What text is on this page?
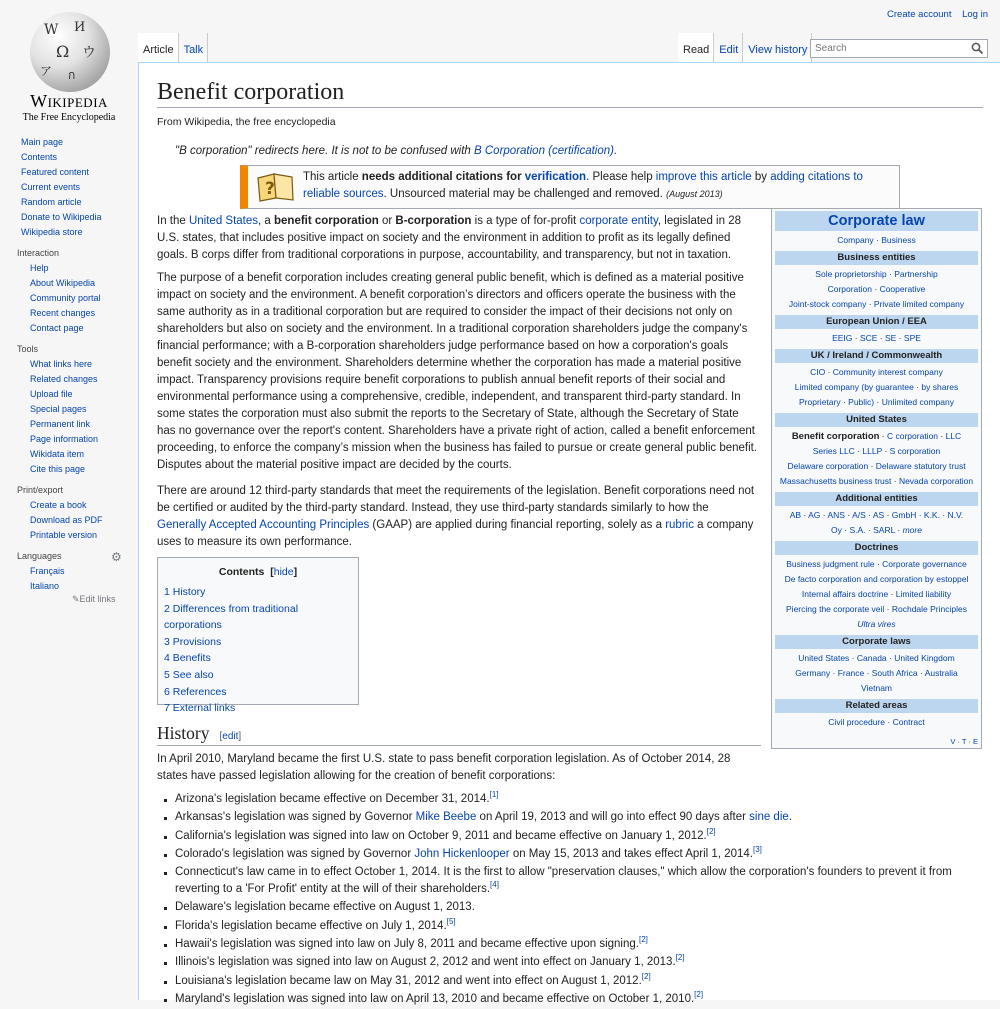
W И
Ω ウ
ア ก
Wikipedia
The Free Encyclopedia
Create account Log in
Article Talk	Read Edit View history Search
Main page
Contents
Featured content
Current events
Random article
Donate to Wikipedia
Wikipedia store
Interaction
Help
About Wikipedia
Community portal
Recent changes
Contact page
Tools
What links here
Related changes
Upload file
Special pages
Permanent link
Page information
Wikidata item
Cite this page
Print/export
Create a book
Download as PDF
Printable version
Languages	⚙
Français
Italiano
✎Edit links
Benefit corporation
From Wikipedia, the free encyclopedia
"B corporation" redirects here. It is not to be confused with B Corporation (certification).
?
This article needs additional citations for verification. Please help improve this article by adding citations to reliable sources. Unsourced material may be challenged and removed. (August 2013)

In the United States, a benefit corporation or B-corporation is a type of for-profit corporate entity, legislated in 28 U.S. states, that includes positive impact on society and the environment in addition to profit as its legally defined goals. B corps differ from traditional corporations in purpose, accountability, and transparency, but not in taxation.

The purpose of a benefit corporation includes creating general public benefit, which is defined as a material positive impact on society and the environment. A benefit corporation’s directors and officers operate the business with the same authority as in a traditional corporation but are required to consider the impact of their decisions not only on shareholders but also on society and the environment. In a traditional corporation shareholders judge the company's financial performance; with a B-corporation shareholders judge performance based on how a corporation's goals benefit society and the environment. Shareholders determine whether the corporation has made a material positive impact. Transparency provisions require benefit corporations to publish annual benefit reports of their social and environmental performance using a comprehensive, credible, independent, and transparent third-party standard. In some states the corporation must also submit the reports to the Secretary of State, although the Secretary of State has no governance over the report's content. Shareholders have a private right of action, called a benefit enforcement proceeding, to enforce the company’s mission when the business has failed to pursue or create general public benefit. Disputes about the material positive impact are decided by the courts.

There are around 12 third-party standards that meet the requirements of the legislation. Benefit corporations need not be certified or audited by the third-party standard. Instead, they use third-party standards similarly to how the Generally Accepted Accounting Principles (GAAP) are applied during financial reporting, solely as a rubric a company uses to measure its own performance.

Contents  [hide]
1 History
2 Differences from traditional corporations
3 Provisions
4 Benefits
5 See also
6 References
7 External links
History [edit]

In April 2010, Maryland became the first U.S. state to pass benefit corporation legislation. As of October 2014, 28 states have passed legislation allowing for the creation of benefit corporations:

Arizona's legislation became effective on December 31, 2014.[1]
Arkansas's legislation was signed by Governor Mike Beebe on April 19, 2013 and will go into effect 90 days after sine die.
California's legislation was signed into law on October 9, 2011 and became effective on January 1, 2012.[2]
Colorado's legislation was signed by Governor John Hickenlooper on May 15, 2013 and takes effect April 1, 2014.[3]
Connecticut's law came in to effect October 1, 2014. It is the first to allow "preservation clauses," which allow the corporation's founders to prevent it from reverting to a 'For Profit' entity at the will of their shareholders.[4]
Delaware's legislation became effective on August 1, 2013.
Florida's legislation became effective on July 1, 2014.[5]
Hawaii's legislation was signed into law on July 8, 2011 and became effective upon signing.[2]
Illinois's legislation was signed into law on August 2, 2012 and went into effect on January 1, 2013.[2]
Louisiana's legislation became law on May 31, 2012 and went into effect on August 1, 2012.[2]
Maryland's legislation was signed into law on April 13, 2010 and became effective on October 1, 2010.[2]
Corporate law
Company · Business
Business entities
Sole proprietorship · Partnership
Corporation · Cooperative
Joint-stock company · Private limited company
European Union / EEA
EEIG · SCE · SE · SPE
UK / Ireland / Commonwealth
CIO · Community interest company
Limited company (by guarantee · by shares
Proprietary · Public) · Unlimited company
United States
Benefit corporation · C corporation · LLC
Series LLC · LLLP · S corporation
Delaware corporation · Delaware statutory trust
Massachusetts business trust · Nevada corporation
Additional entities
AB · AG · ANS · A/S · AS · GmbH · K.K. · N.V.
Oy · S.A. · SARL · more
Doctrines
Business judgment rule · Corporate governance
De facto corporation and corporation by estoppel
Internal affairs doctrine · Limited liability
Piercing the corporate veil · Rochdale Principles
Ultra vires
Corporate laws
United States · Canada · United Kingdom
Germany · France · South Africa · Australia
Vietnam
Related areas
Civil procedure · Contract
V · T · E
